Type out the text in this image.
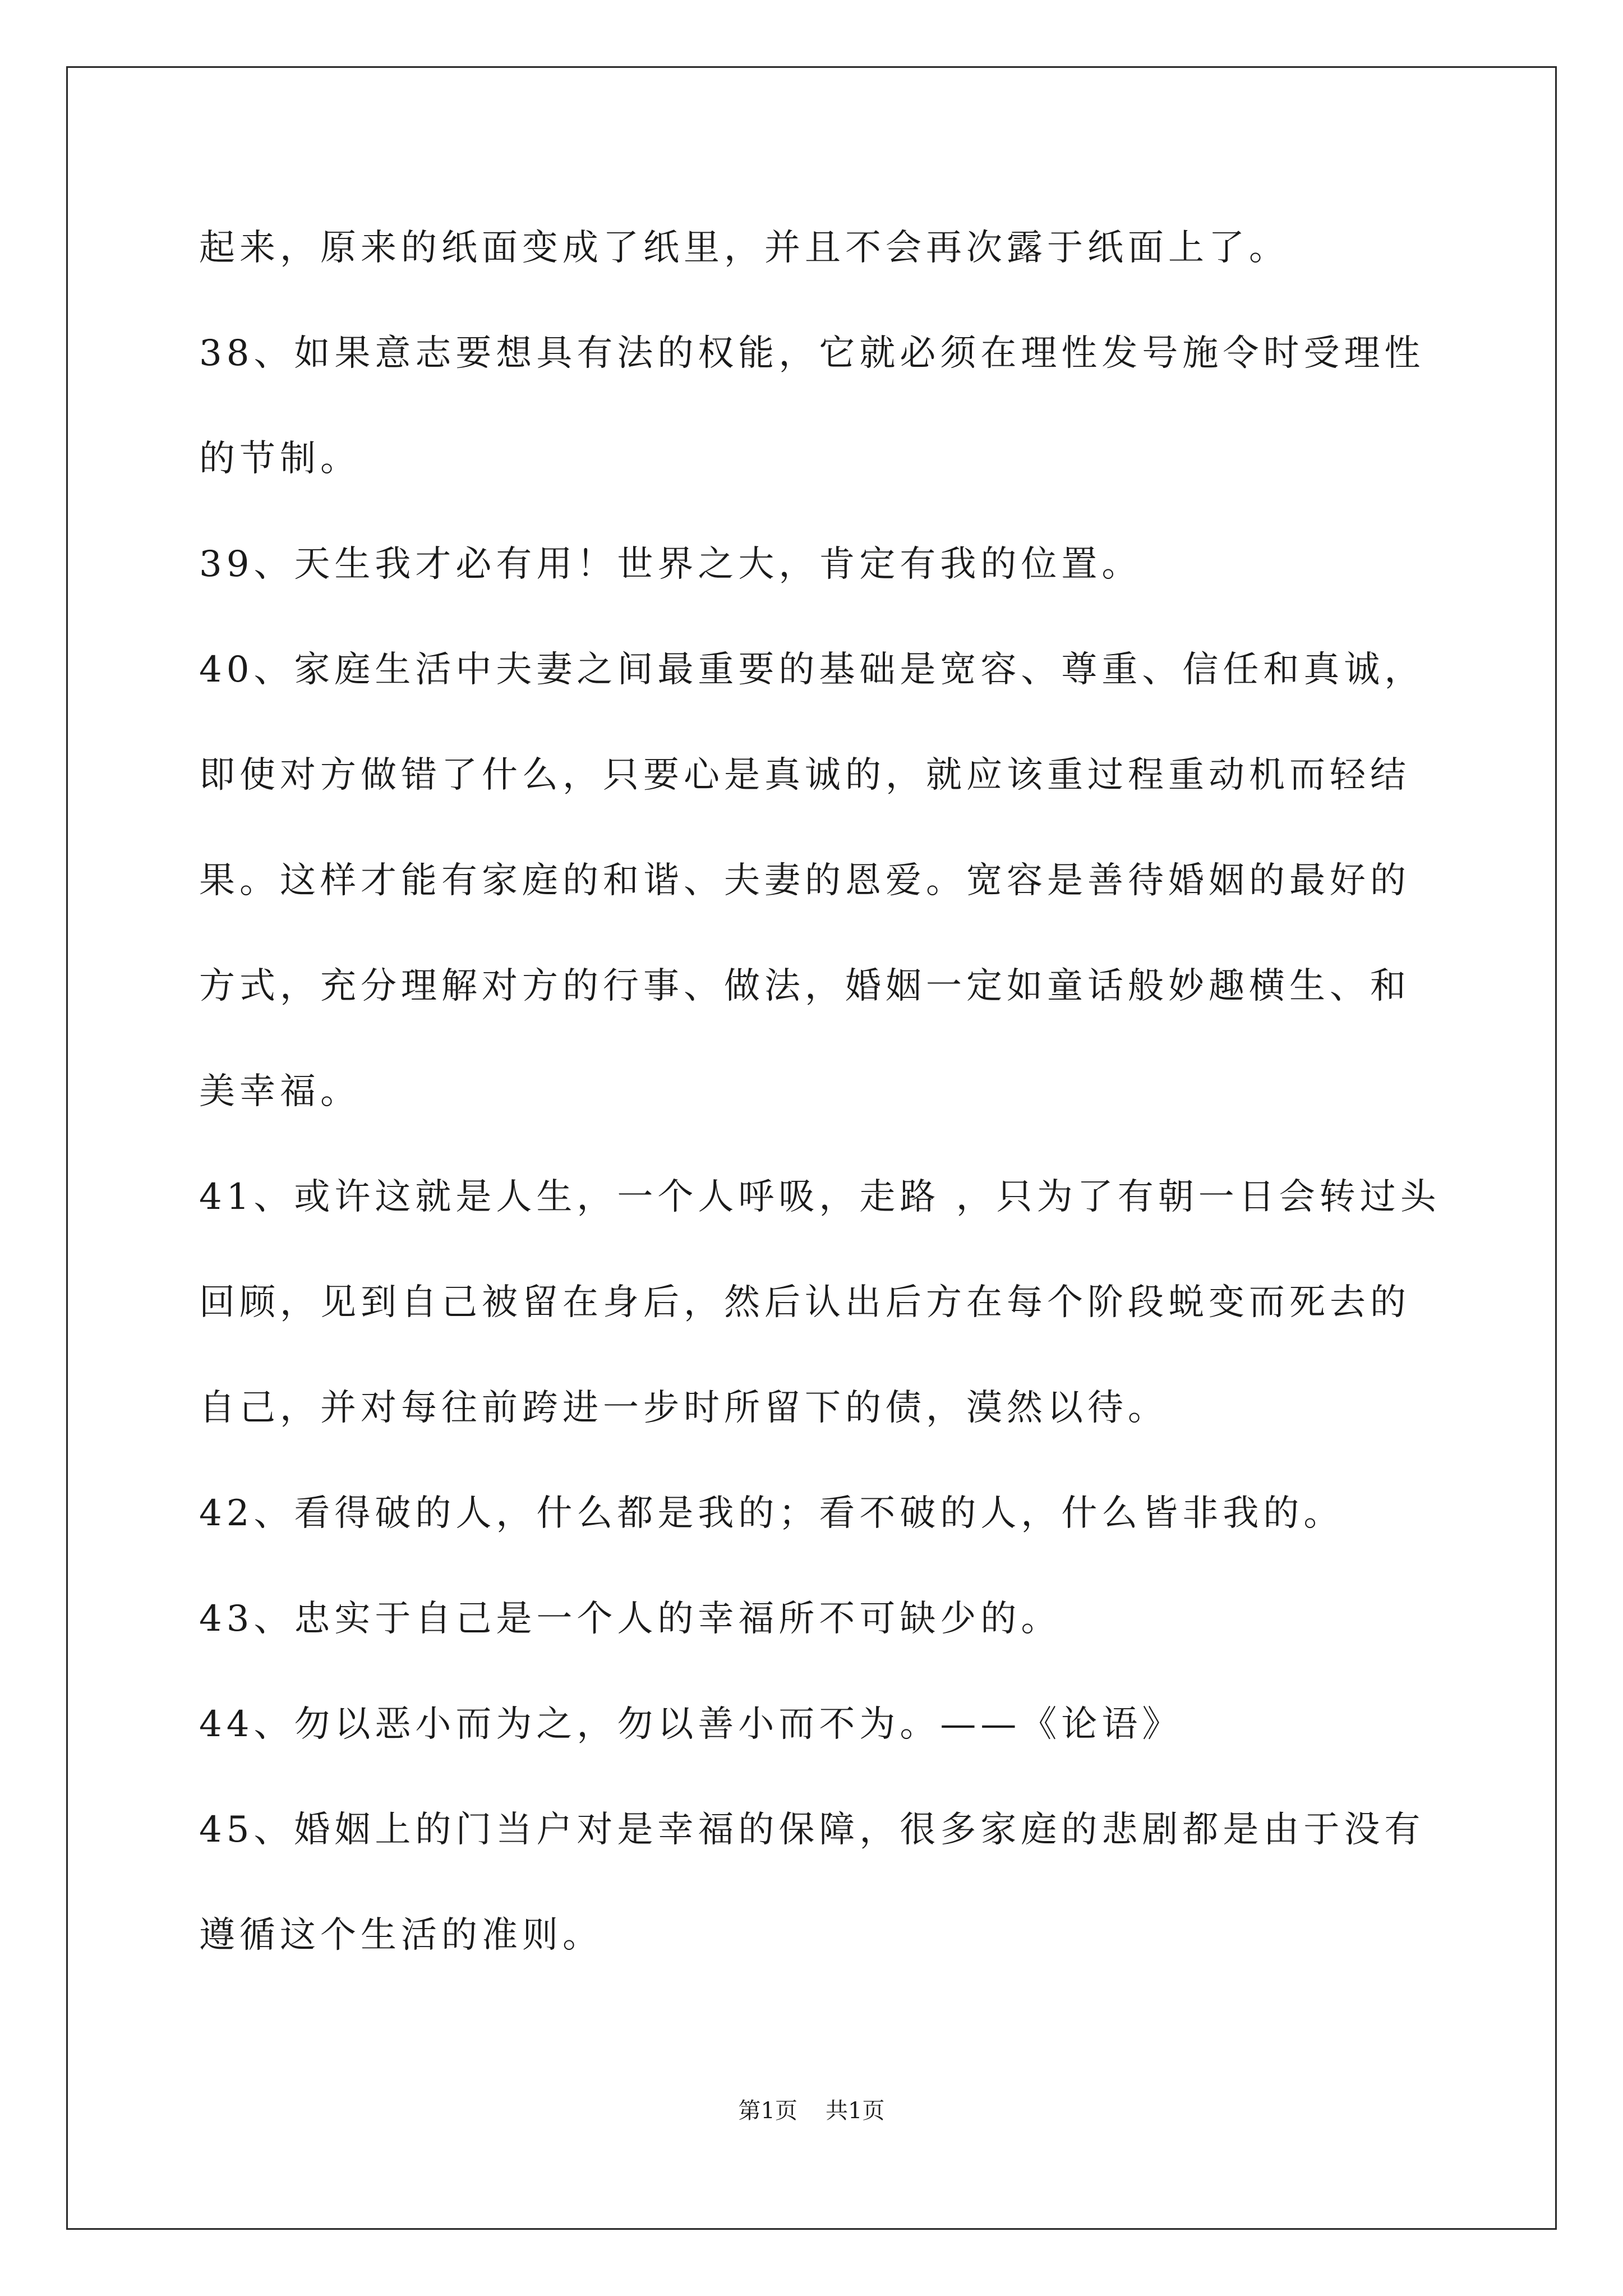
起来，原来的纸面变成了纸里，并且不会再次露于纸面上了。
38、如果意志要想具有法的权能，它就必须在理性发号施令时受理性
的节制。
39、天生我才必有用！世界之大，肯定有我的位置。
40、家庭生活中夫妻之间最重要的基础是宽容、尊重、信任和真诚，
即使对方做错了什么，只要心是真诚的，就应该重过程重动机而轻结
果。这样才能有家庭的和谐、夫妻的恩爱。宽容是善待婚姻的最好的
方式，充分理解对方的行事、做法，婚姻一定如童话般妙趣横生、和
美幸福。
41、或许这就是人生，一个人呼吸，走路 ，只为了有朝一日会转过头
回顾，见到自己被留在身后，然后认出后方在每个阶段蜕变而死去的
自己，并对每往前跨进一步时所留下的债，漠然以待。
42、看得破的人，什么都是我的；看不破的人，什么皆非我的。
43、忠实于自己是一个人的幸福所不可缺少的。
44、勿以恶小而为之，勿以善小而不为。——《论语》
45、婚姻上的门当户对是幸福的保障，很多家庭的悲剧都是由于没有
遵循这个生活的准则。
第1页 共1页
